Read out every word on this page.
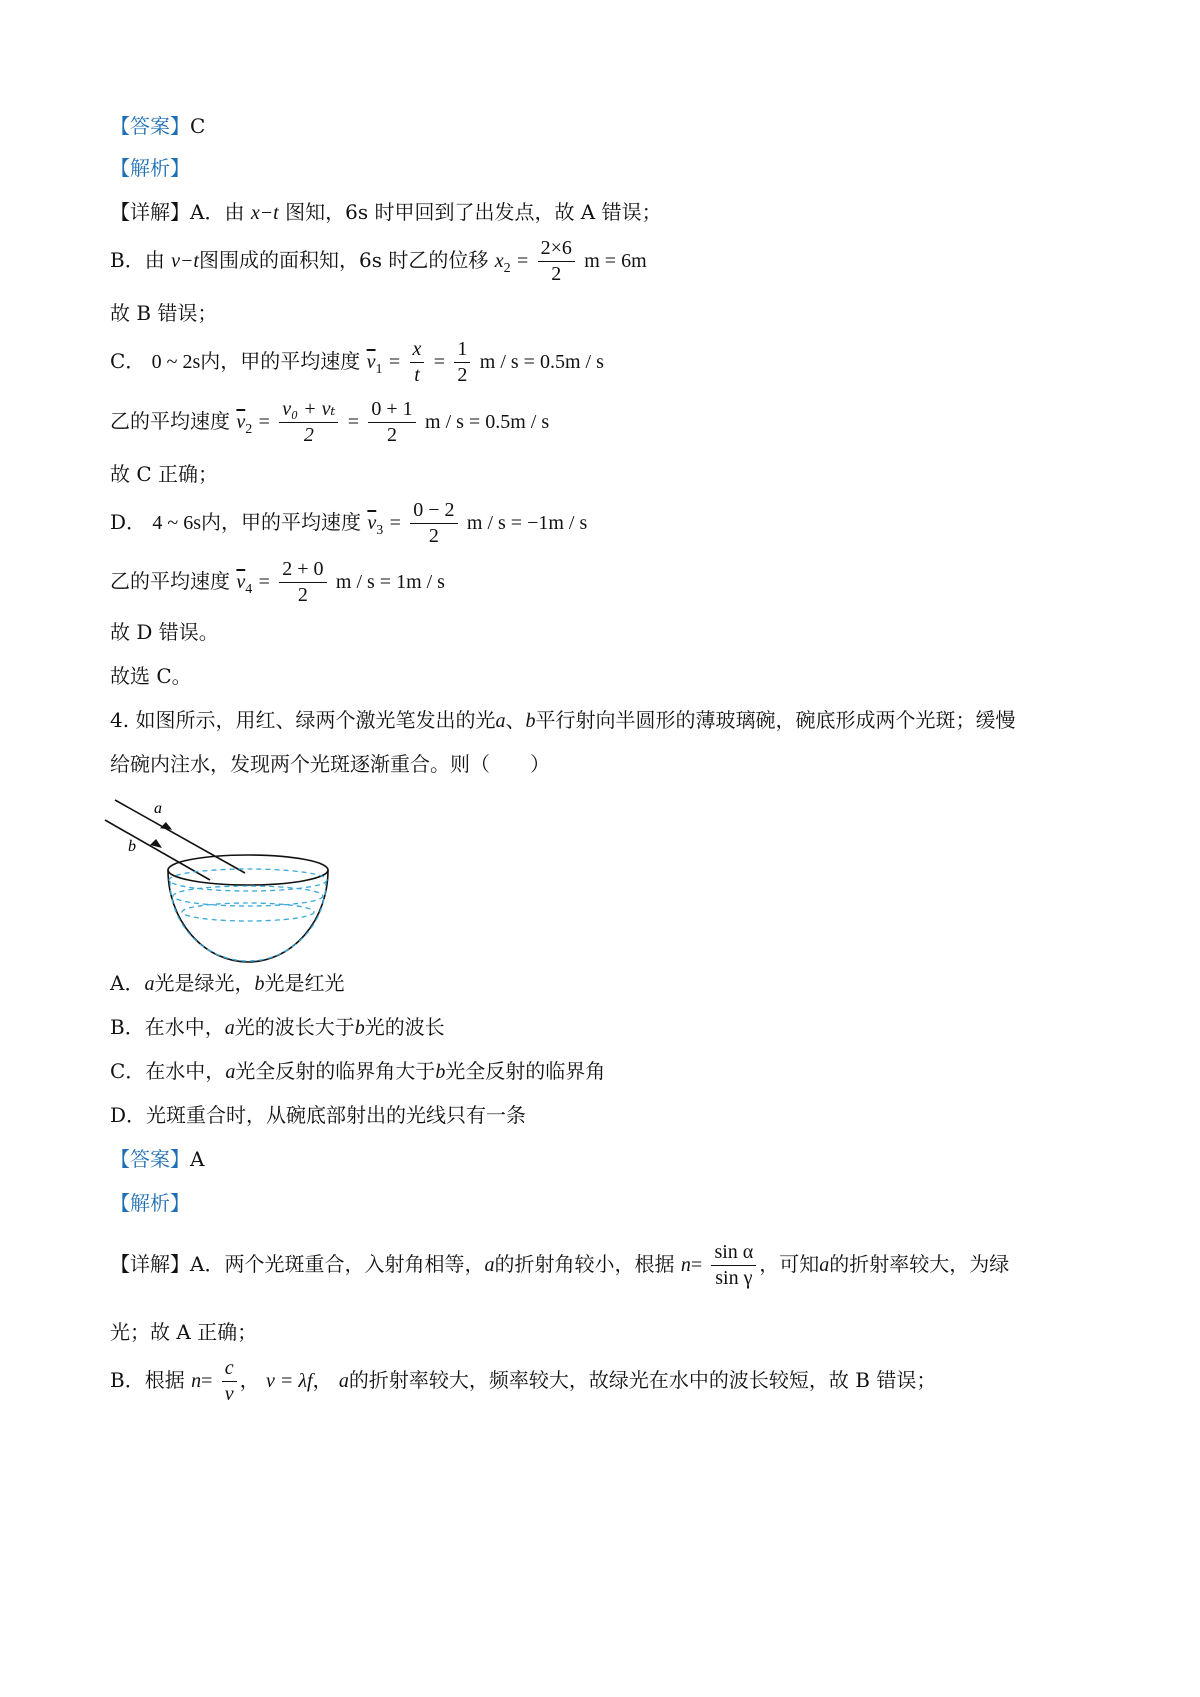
【答案】C
【解析】
【详解】A．由 x−t 图知，6s 时甲回到了出发点，故 A 错误；
B．由 v−t图围成的面积知，6s 时乙的位移 $x_2 = \frac{2\times 6}{2}$ m = 6m
故 B 错误；
C． 0 ~ 2s内，甲的平均速度 $\overline{v}_1 = \frac{x}{t} = \frac{1}{2}$ m / s = 0.5m / s
乙的平均速度 $\overline{v}_2 = \frac{\text{v₀ + vₜ}}{2} = \frac{0 + 1}{2}$ m / s = 0.5m / s
故 C 正确；
D． 4 ~ 6s内，甲的平均速度 $\overline{v}_3 = \frac{0 - 2}{2}$ m / s = −1m / s
乙的平均速度 $\overline{v}_4 = \frac{2 + 0}{2}$ m / s = 1m / s
故 D 错误。
故选 C。
4. 如图所示，用红、绿两个激光笔发出的光a、b平行射向半圆形的薄玻璃碗，碗底形成两个光斑；缓慢
给碗内注水，发现两个光斑逐渐重合。则（　　）
a
b
A．a光是绿光，b光是红光
B．在水中，a光的波长大于b光的波长
C．在水中，a光全反射的临界角大于b光全反射的临界角
D．光斑重合时，从碗底部射出的光线只有一条
【答案】A
【解析】
【详解】A．两个光斑重合，入射角相等，a的折射角较小，根据 $n= \frac{\text{sin α}}{\text{sin γ}}$ ，可知a的折射率较大，为绿
光；故 A 正确；
B．根据 $n= \frac{c}{v}$ ， v = λf， a的折射率较大，频率较大，故绿光在水中的波长较短，故 B 错误；
